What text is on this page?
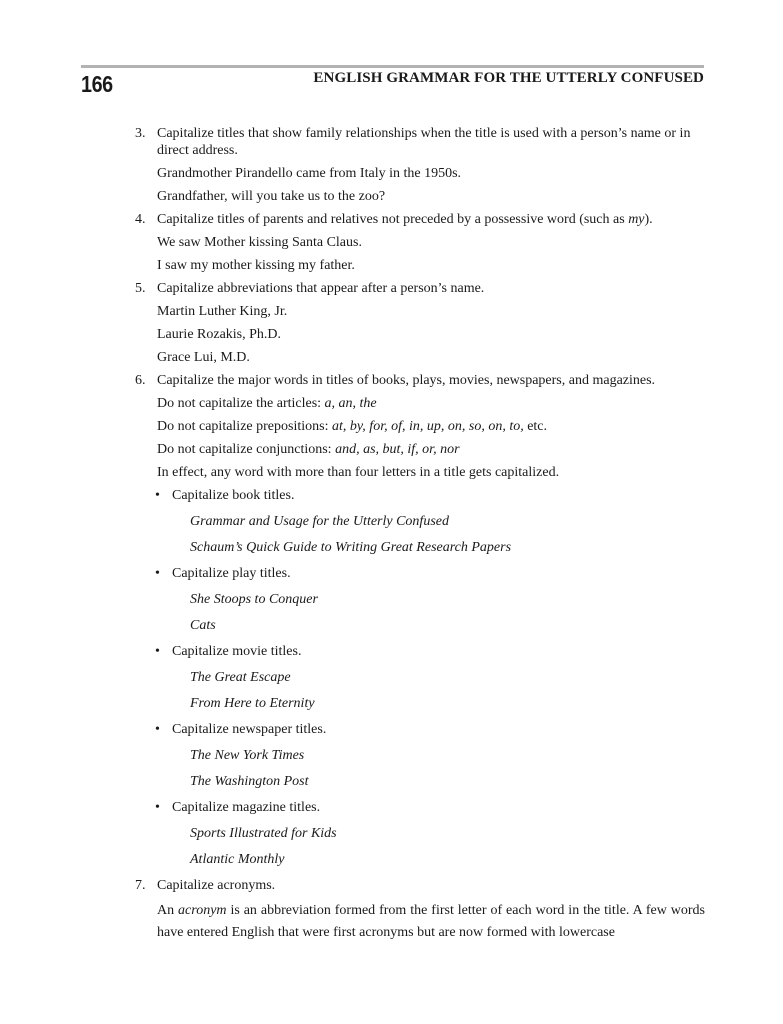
166	ENGLISH GRAMMAR FOR THE UTTERLY CONFUSED
3. Capitalize titles that show family relationships when the title is used with a person’s name or in direct address.
Grandmother Pirandello came from Italy in the 1950s.
Grandfather, will you take us to the zoo?
4. Capitalize titles of parents and relatives not preceded by a possessive word (such as my).
We saw Mother kissing Santa Claus.
I saw my mother kissing my father.
5. Capitalize abbreviations that appear after a person’s name.
Martin Luther King, Jr.
Laurie Rozakis, Ph.D.
Grace Lui, M.D.
6. Capitalize the major words in titles of books, plays, movies, newspapers, and magazines.
Do not capitalize the articles: a, an, the
Do not capitalize prepositions: at, by, for, of, in, up, on, so, on, to, etc.
Do not capitalize conjunctions: and, as, but, if, or, nor
In effect, any word with more than four letters in a title gets capitalized.
• Capitalize book titles.
Grammar and Usage for the Utterly Confused
Schaum’s Quick Guide to Writing Great Research Papers
• Capitalize play titles.
She Stoops to Conquer
Cats
• Capitalize movie titles.
The Great Escape
From Here to Eternity
• Capitalize newspaper titles.
The New York Times
The Washington Post
• Capitalize magazine titles.
Sports Illustrated for Kids
Atlantic Monthly
7. Capitalize acronyms.
An acronym is an abbreviation formed from the first letter of each word in the title. A few words have entered English that were first acronyms but are now formed with lowercase
